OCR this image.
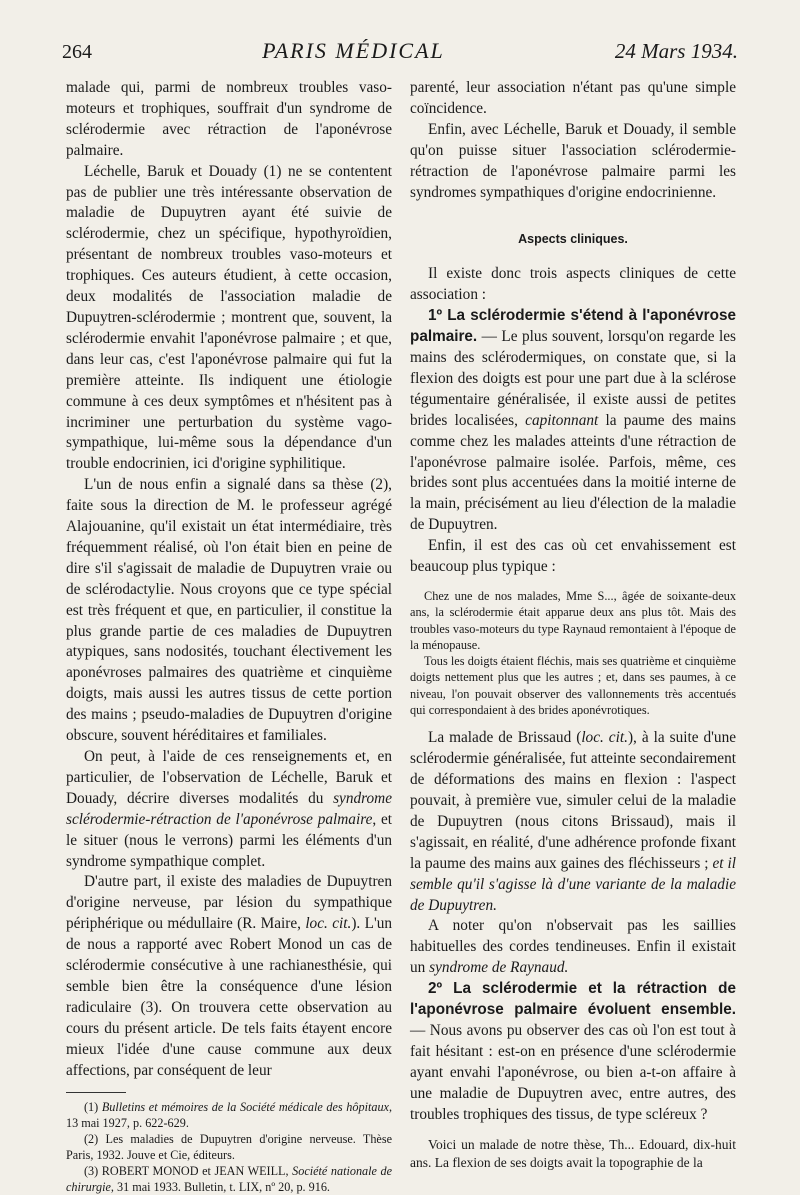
264	PARIS MÉDICAL	24 Mars 1934.

malade qui, parmi de nombreux troubles vaso-moteurs et trophiques, souffrait d'un syndrome de sclérodermie avec rétraction de l'aponévrose palmaire.

Léchelle, Baruk et Douady (1) ne se contentent pas de publier une très intéressante observation de maladie de Dupuytren ayant été suivie de sclérodermie, chez un spécifique, hypothyroïdien, présentant de nombreux troubles vaso-moteurs et trophiques. Ces auteurs étudient, à cette occasion, deux modalités de l'association maladie de Dupuytren-sclérodermie ; montrent que, souvent, la sclérodermie envahit l'aponévrose palmaire ; et que, dans leur cas, c'est l'aponévrose palmaire qui fut la première atteinte. Ils indiquent une étiologie commune à ces deux symptômes et n'hésitent pas à incriminer une perturbation du système vago-sympathique, lui-même sous la dépendance d'un trouble endocrinien, ici d'origine syphilitique.

L'un de nous enfin a signalé dans sa thèse (2), faite sous la direction de M. le professeur agrégé Alajouanine, qu'il existait un état intermédiaire, très fréquemment réalisé, où l'on était bien en peine de dire s'il s'agissait de maladie de Dupuytren vraie ou de sclérodactylie. Nous croyons que ce type spécial est très fréquent et que, en particulier, il constitue la plus grande partie de ces maladies de Dupuytren atypiques, sans nodosités, touchant électivement les aponévroses palmaires des quatrième et cinquième doigts, mais aussi les autres tissus de cette portion des mains ; pseudo-maladies de Dupuytren d'origine obscure, souvent héréditaires et familiales.

On peut, à l'aide de ces renseignements et, en particulier, de l'observation de Léchelle, Baruk et Douady, décrire diverses modalités du syndrome sclérodermie-rétraction de l'aponévrose palmaire, et le situer (nous le verrons) parmi les éléments d'un syndrome sympathique complet.

D'autre part, il existe des maladies de Dupuytren d'origine nerveuse, par lésion du sympathique périphérique ou médullaire (R. Maire, loc. cit.). L'un de nous a rapporté avec Robert Monod un cas de sclérodermie consécutive à une rachianesthésie, qui semble bien être la conséquence d'une lésion radiculaire (3). On trouvera cette observation au cours du présent article. De tels faits étayent encore mieux l'idée d'une cause commune aux deux affections, par conséquent de leur

(1) Bulletins et mémoires de la Société médicale des hôpitaux, 13 mai 1927, p. 622-629.

(2) Les maladies de Dupuytren d'origine nerveuse. Thèse Paris, 1932. Jouve et Cie, éditeurs.

(3) ROBERT MONOD et JEAN WEILL, Société nationale de chirurgie, 31 mai 1933. Bulletin, t. LIX, nº 20, p. 916.

parenté, leur association n'étant pas qu'une simple coïncidence.

Enfin, avec Léchelle, Baruk et Douady, il semble qu'on puisse situer l'association sclérodermie-rétraction de l'aponévrose palmaire parmi les syndromes sympathiques d'origine endocrinienne.

Aspects cliniques.

Il existe donc trois aspects cliniques de cette association :

1º La sclérodermie s'étend à l'aponévrose palmaire. — Le plus souvent, lorsqu'on regarde les mains des sclérodermiques, on constate que, si la flexion des doigts est pour une part due à la sclérose tégumentaire généralisée, il existe aussi de petites brides localisées, capitonnant la paume des mains comme chez les malades atteints d'une rétraction de l'aponévrose palmaire isolée. Parfois, même, ces brides sont plus accentuées dans la moitié interne de la main, précisément au lieu d'élection de la maladie de Dupuytren.

Enfin, il est des cas où cet envahissement est beaucoup plus typique :

Chez une de nos malades, Mme S..., âgée de soixante-deux ans, la sclérodermie était apparue deux ans plus tôt. Mais des troubles vaso-moteurs du type Raynaud remontaient à l'époque de la ménopause.

Tous les doigts étaient fléchis, mais ses quatrième et cinquième doigts nettement plus que les autres ; et, dans ses paumes, à ce niveau, l'on pouvait observer des vallonnements très accentués qui correspondaient à des brides aponévrotiques.

La malade de Brissaud (loc. cit.), à la suite d'une sclérodermie généralisée, fut atteinte secondairement de déformations des mains en flexion : l'aspect pouvait, à première vue, simuler celui de la maladie de Dupuytren (nous citons Brissaud), mais il s'agissait, en réalité, d'une adhérence profonde fixant la paume des mains aux gaines des fléchisseurs ; et il semble qu'il s'agisse là d'une variante de la maladie de Dupuytren.

A noter qu'on n'observait pas les saillies habituelles des cordes tendineuses. Enfin il existait un syndrome de Raynaud.

2º La sclérodermie et la rétraction de l'aponévrose palmaire évoluent ensemble. — Nous avons pu observer des cas où l'on est tout à fait hésitant : est-on en présence d'une sclérodermie ayant envahi l'aponévrose, ou bien a-t-on affaire à une maladie de Dupuytren avec, entre autres, des troubles trophiques des tissus, de type scléreux ?

Voici un malade de notre thèse, Th... Edouard, dix-huit ans. La flexion de ses doigts avait la topographie de la
